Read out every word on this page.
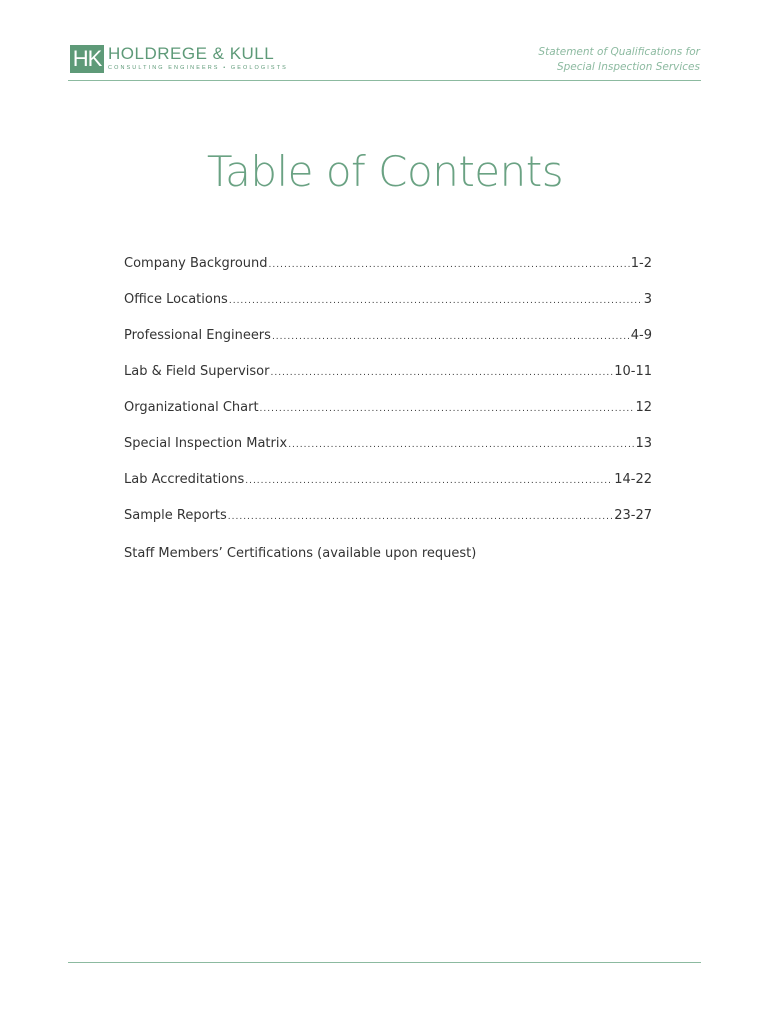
HK HOLDREGE & KULL
CONSULTING ENGINEERS • GEOLOGISTS
Statement of Qualifications for
Special Inspection Services
Table of Contents
Company Background .....	1-2
Office Locations .....	3
Professional Engineers .....	4-9
Lab & Field Supervisor .....	10-11
Organizational Chart .....	12
Special Inspection Matrix .....	13
Lab Accreditations .....	14-22
Sample Reports .....	23-27
Staff Members’ Certifications (available upon request)
